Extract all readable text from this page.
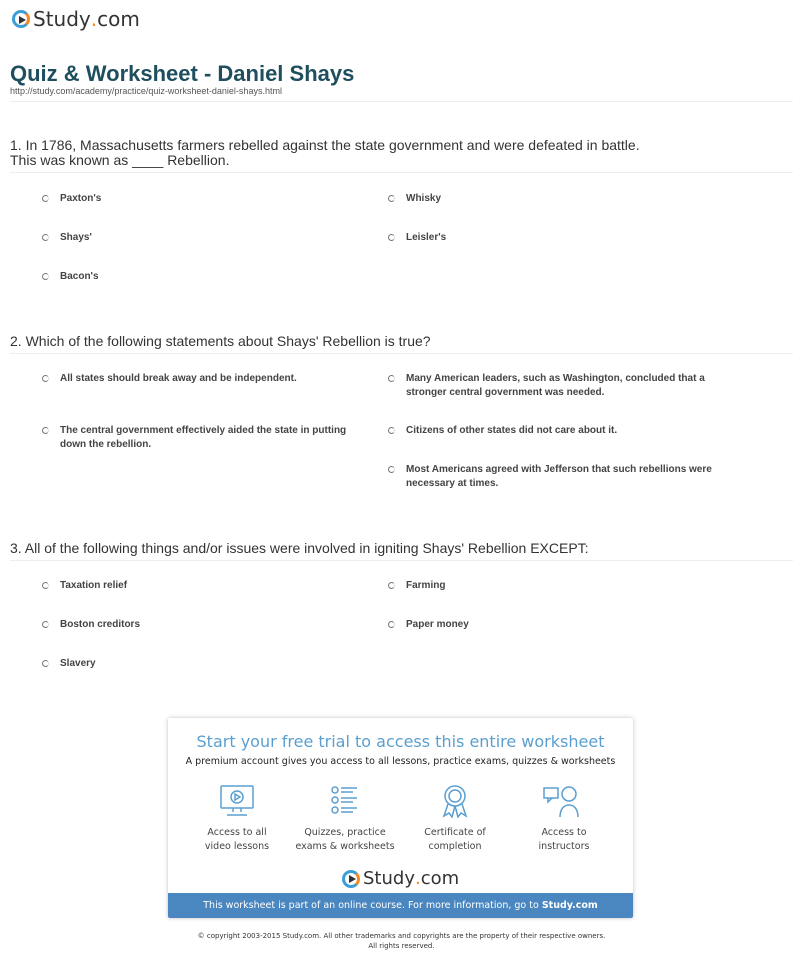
Study . com
Quiz & Worksheet - Daniel Shays
http://study.com/academy/practice/quiz-worksheet-daniel-shays.html
1. In 1786, Massachusetts farmers rebelled against the state government and were defeated in battle.
This was known as ____ Rebellion.
Paxton's	Whisky
Shays'	Leisler's
Bacon's
2. Which of the following statements about Shays' Rebellion is true?
All states should break away and be independent.	Many American leaders, such as Washington, concluded that a stronger central government was needed.
The central government effectively aided the state in putting down the rebellion.
Citizens of other states did not care about it.
Most Americans agreed with Jefferson that such rebellions were necessary at times.
3. All of the following things and/or issues were involved in igniting Shays' Rebellion EXCEPT:
Taxation relief	Farming
Boston creditors	Paper money
Slavery
Start your free trial to access this entire worksheet
A premium account gives you access to all lessons, practice exams, quizzes & worksheets
Access to all
video lessons
Quizzes, practice
exams & worksheets
Certificate of
completion
Access to
instructors
Study . com
This worksheet is part of an online course. For more information, go to Study.com
© copyright 2003-2015 Study.com. All other trademarks and copyrights are the property of their respective owners.
All rights reserved.
